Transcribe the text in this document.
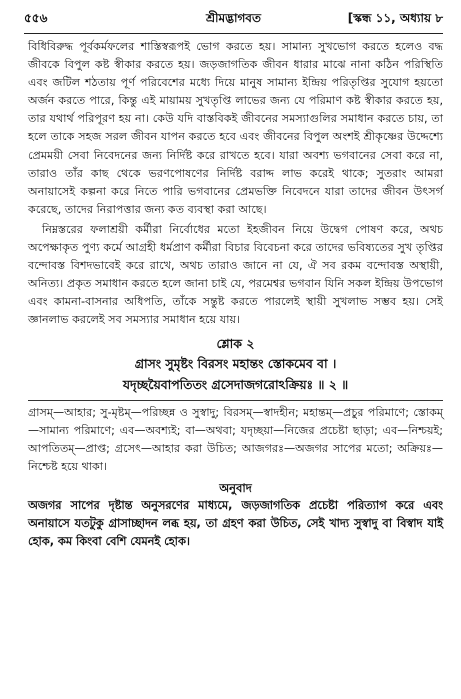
৫৫৬	শ্রীমদ্ভাগবত	[স্কন্ধ ১১, অধ্যায় ৮

বিধিবিরুদ্ধ পূর্বকর্মফলের শাস্তিস্বরূপই ভোগ করতে হয়। সামান্য সুখভোগ করতে হলেও বদ্ধ জীবকে বিপুল কষ্ট স্বীকার করতে হয়। জড়জাগতিক জীবন ধারার মাঝে নানা কঠিন পরিস্থিতি এবং জটিল শঠতায় পূর্ণ পরিবেশের মধ্যে দিয়ে মানুষ সামান্য ইন্দ্রিয় পরিতৃপ্তির সুযোগ হয়তো অর্জন করতে পারে, কিন্তু এই মায়াময় সুখতৃপ্তি লাভের জন্য যে পরিমাণ কষ্ট স্বীকার করতে হয়, তার যথার্থ পরিপূরণ হয় না। কেউ যদি বাস্তবিকই জীবনের সমস্যাগুলির সমাধান করতে চায়, তা হলে তাকে সহজ সরল জীবন যাপন করতে হবে এবং জীবনের বিপুল অংশই শ্রীকৃষ্ণের উদ্দেশ্যে প্রেমময়ী সেবা নিবেদনের জন্য নির্দিষ্ট করে রাখতে হবে। যারা অবশ্য ভগবানের সেবা করে না, তারাও তাঁর কাছ থেকে ভরণপোষণের নির্দিষ্ট বরাদ্দ লাভ করেই থাকে; সুতরাং আমরা অনায়াসেই কল্পনা করে নিতে পারি ভগবানের প্রেমভক্তি নিবেদনে যারা তাদের জীবন উৎসর্গ করেছে, তাদের নিরাপত্তার জন্য কত ব্যবস্থা করা আছে।

নিম্নস্তরের ফলাশ্রয়ী কর্মীরা নির্বোধের মতো ইহজীবন নিয়ে উদ্বেগ পোষণ করে, অথচ অপেক্ষাকৃত পুণ্য কর্মে আগ্রহী ধর্মপ্রাণ কর্মীরা বিচার বিবেচনা করে তাদের ভবিষ্যতের সুখ তৃপ্তির বন্দোবস্ত বিশদভাবেই করে রাখে, অথচ তারাও জানে না যে, ঐ সব রকম বন্দোবস্ত অস্থায়ী, অনিত্য। প্রকৃত সমাধান করতে হলে জানা চাই যে, পরমেশ্বর ভগবান যিনি সকল ইন্দ্রিয় উপভোগ এবং কামনা-বাসনার অধিপতি, তাঁকে সন্তুষ্ট করতে পারলেই স্থায়ী সুখলাভ সম্ভব হয়। সেই জ্ঞানলাভ করলেই সব সমস্যার সমাধান হয়ে যায়।

শ্লোক ২

গ্রাসং সুমৃষ্টং বিরসং মহান্তং স্তোকমেব বা ।

যদৃচ্ছয়ৈবাপতিতং গ্রসেদাজগরোঽক্রিয়ঃ ॥ ২ ॥

গ্রাসম্—আহার; সু-মৃষ্টম্—পরিচ্ছন্ন ও সুস্বাদু; বিরসম্—স্বাদহীন; মহান্তম্—প্রচুর পরিমাণে; স্তোকম্—সামান্য পরিমাণে; এব—অবশ্যই; বা—অথবা; যদৃচ্ছয়া—নিজের প্রচেষ্টা ছাড়া; এব—নিশ্চয়ই; আপতিতম্—প্রাপ্ত; গ্রসেৎ—আহার করা উচিত; আজগরঃ—অজগর সাপের মতো; অক্রিয়ঃ—নিশ্চেষ্ট হয়ে থাকা।

অনুবাদ

অজগর সাপের দৃষ্টান্ত অনুসরণের মাধ্যমে, জড়জাগতিক প্রচেষ্টা পরিত্যাগ করে এবং অনায়াসে যতটুকু গ্রাসাচ্ছাদন লব্ধ হয়, তা গ্রহণ করা উচিত, সেই খাদ্য সুস্বাদু বা বিস্বাদ যাই হোক, কম কিংবা বেশি যেমনই হোক।
